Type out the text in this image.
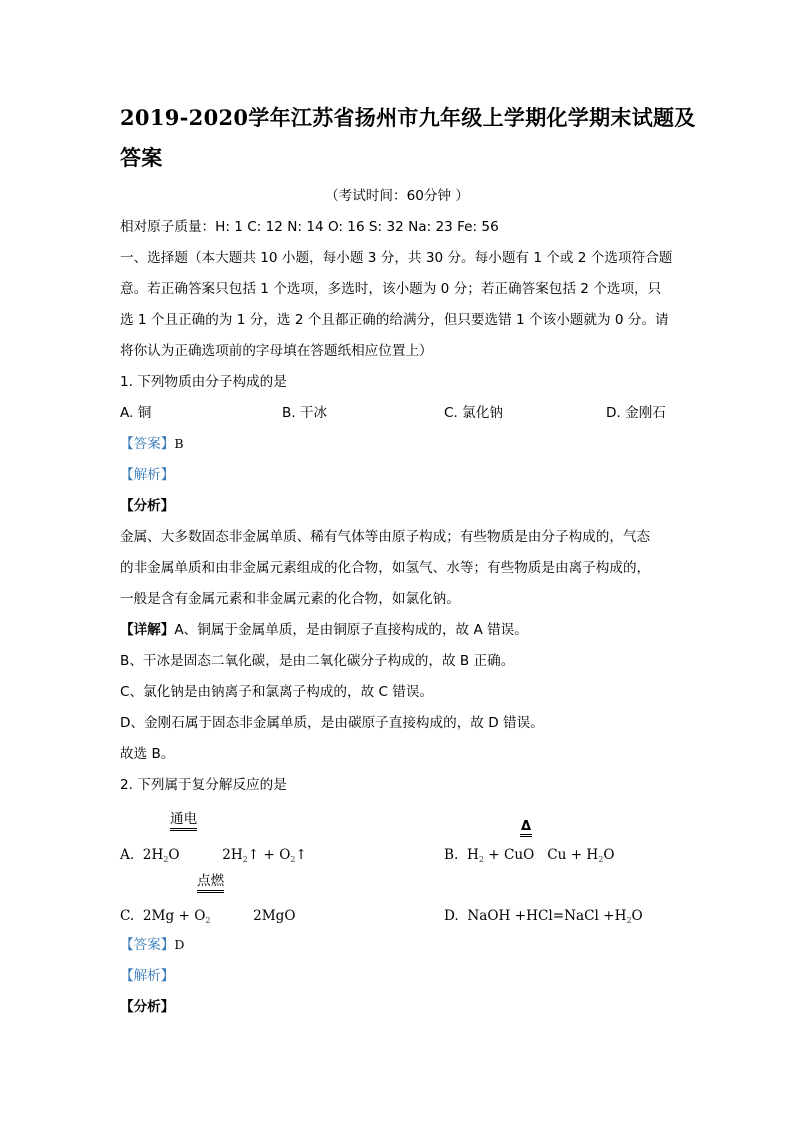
2019-2020学年江苏省扬州市九年级上学期化学期末试题及
答案
（考试时间：60分钟 ）
相对原子质量：H: 1 C: 12 N: 14 O: 16 S: 32 Na: 23 Fe: 56
一、选择题（本大题共 10 小题，每小题 3 分，共 30 分。每小题有 1 个或 2 个选项符合题
意。若正确答案只包括 1 个选项，多选时，该小题为 0 分；若正确答案包括 2 个选项，只
选 1 个且正确的为 1 分，选 2 个且都正确的给满分，但只要选错 1 个该小题就为 0 分。请
将你认为正确选项前的字母填在答题纸相应位置上）
1. 下列物质由分子构成的是
A. 铜	B. 干冰	C. 氯化钠	D. 金刚石
【答案】B
【解析】
【分析】
金属、大多数固态非金属单质、稀有气体等由原子构成；有些物质是由分子构成的，气态
的非金属单质和由非金属元素组成的化合物，如氢气、水等；有些物质是由离子构成的，
一般是含有金属元素和非金属元素的化合物，如氯化钠。
【详解】A、铜属于金属单质，是由铜原子直接构成的，故 A 错误。
B、干冰是固态二氧化碳，是由二氧化碳分子构成的，故 B 正确。
C、氯化钠是由钠离子和氯离子构成的，故 C 错误。
D、金刚石属于固态非金属单质，是由碳原子直接构成的，故 D 错误。
故选 B。
2. 下列属于复分解反应的是
通电
A. $2H_2O$	$2H_2↑$ + $O_2↑$
Δ
B. $H_2$ + CuO   $Cu + H_2O$
点燃
C. $2Mg + O_2$	2MgO	D. NaOH +HCl=NaCl $+H_2O$
【答案】D
【解析】
【分析】
